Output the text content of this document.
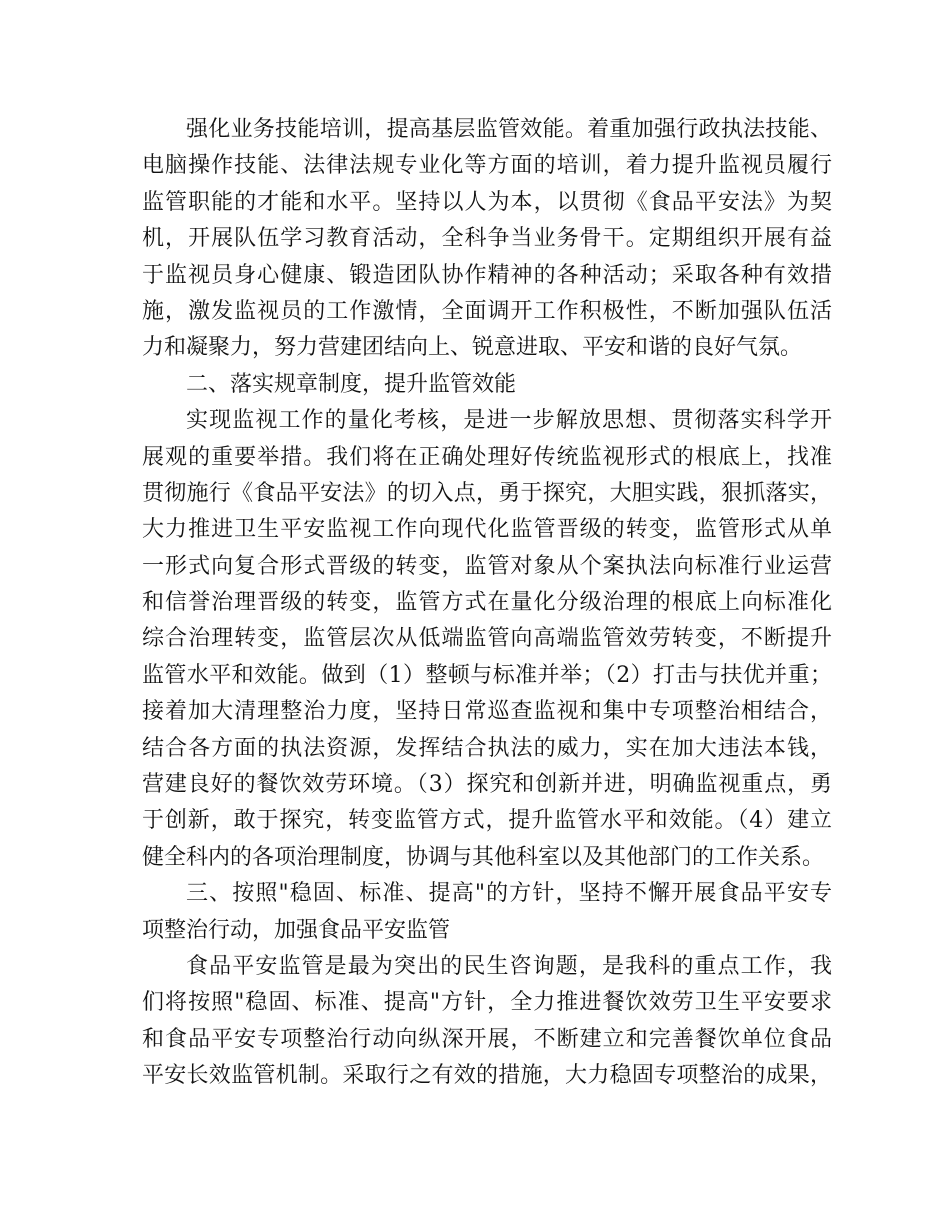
强化业务技能培训，提高基层监管效能。着重加强行政执法技能、
电脑操作技能、法律法规专业化等方面的培训，着力提升监视员履行
监管职能的才能和水平。坚持以人为本，以贯彻《食品平安法》为契
机，开展队伍学习教育活动，全科争当业务骨干。定期组织开展有益
于监视员身心健康、锻造团队协作精神的各种活动；采取各种有效措
施，激发监视员的工作激情，全面调开工作积极性，不断加强队伍活
力和凝聚力，努力营建团结向上、锐意进取、平安和谐的良好气氛。
二、落实规章制度，提升监管效能
实现监视工作的量化考核，是进一步解放思想、贯彻落实科学开
展观的重要举措。我们将在正确处理好传统监视形式的根底上，找准
贯彻施行《食品平安法》的切入点，勇于探究，大胆实践，狠抓落实，
大力推进卫生平安监视工作向现代化监管晋级的转变，监管形式从单
一形式向复合形式晋级的转变，监管对象从个案执法向标准行业运营
和信誉治理晋级的转变，监管方式在量化分级治理的根底上向标准化
综合治理转变，监管层次从低端监管向高端监管效劳转变，不断提升
监管水平和效能。做到（1）整顿与标准并举；（2）打击与扶优并重；
接着加大清理整治力度，坚持日常巡查监视和集中专项整治相结合，
结合各方面的执法资源，发挥结合执法的威力，实在加大违法本钱，
营建良好的餐饮效劳环境。（3）探究和创新并进，明确监视重点，勇
于创新，敢于探究，转变监管方式，提升监管水平和效能。（4）建立
健全科内的各项治理制度，协调与其他科室以及其他部门的工作关系。
三、按照"稳固、标准、提高"的方针，坚持不懈开展食品平安专
项整治行动，加强食品平安监管
食品平安监管是最为突出的民生咨询题，是我科的重点工作，我
们将按照"稳固、标准、提高"方针，全力推进餐饮效劳卫生平安要求
和食品平安专项整治行动向纵深开展，不断建立和完善餐饮单位食品
平安长效监管机制。采取行之有效的措施，大力稳固专项整治的成果，
